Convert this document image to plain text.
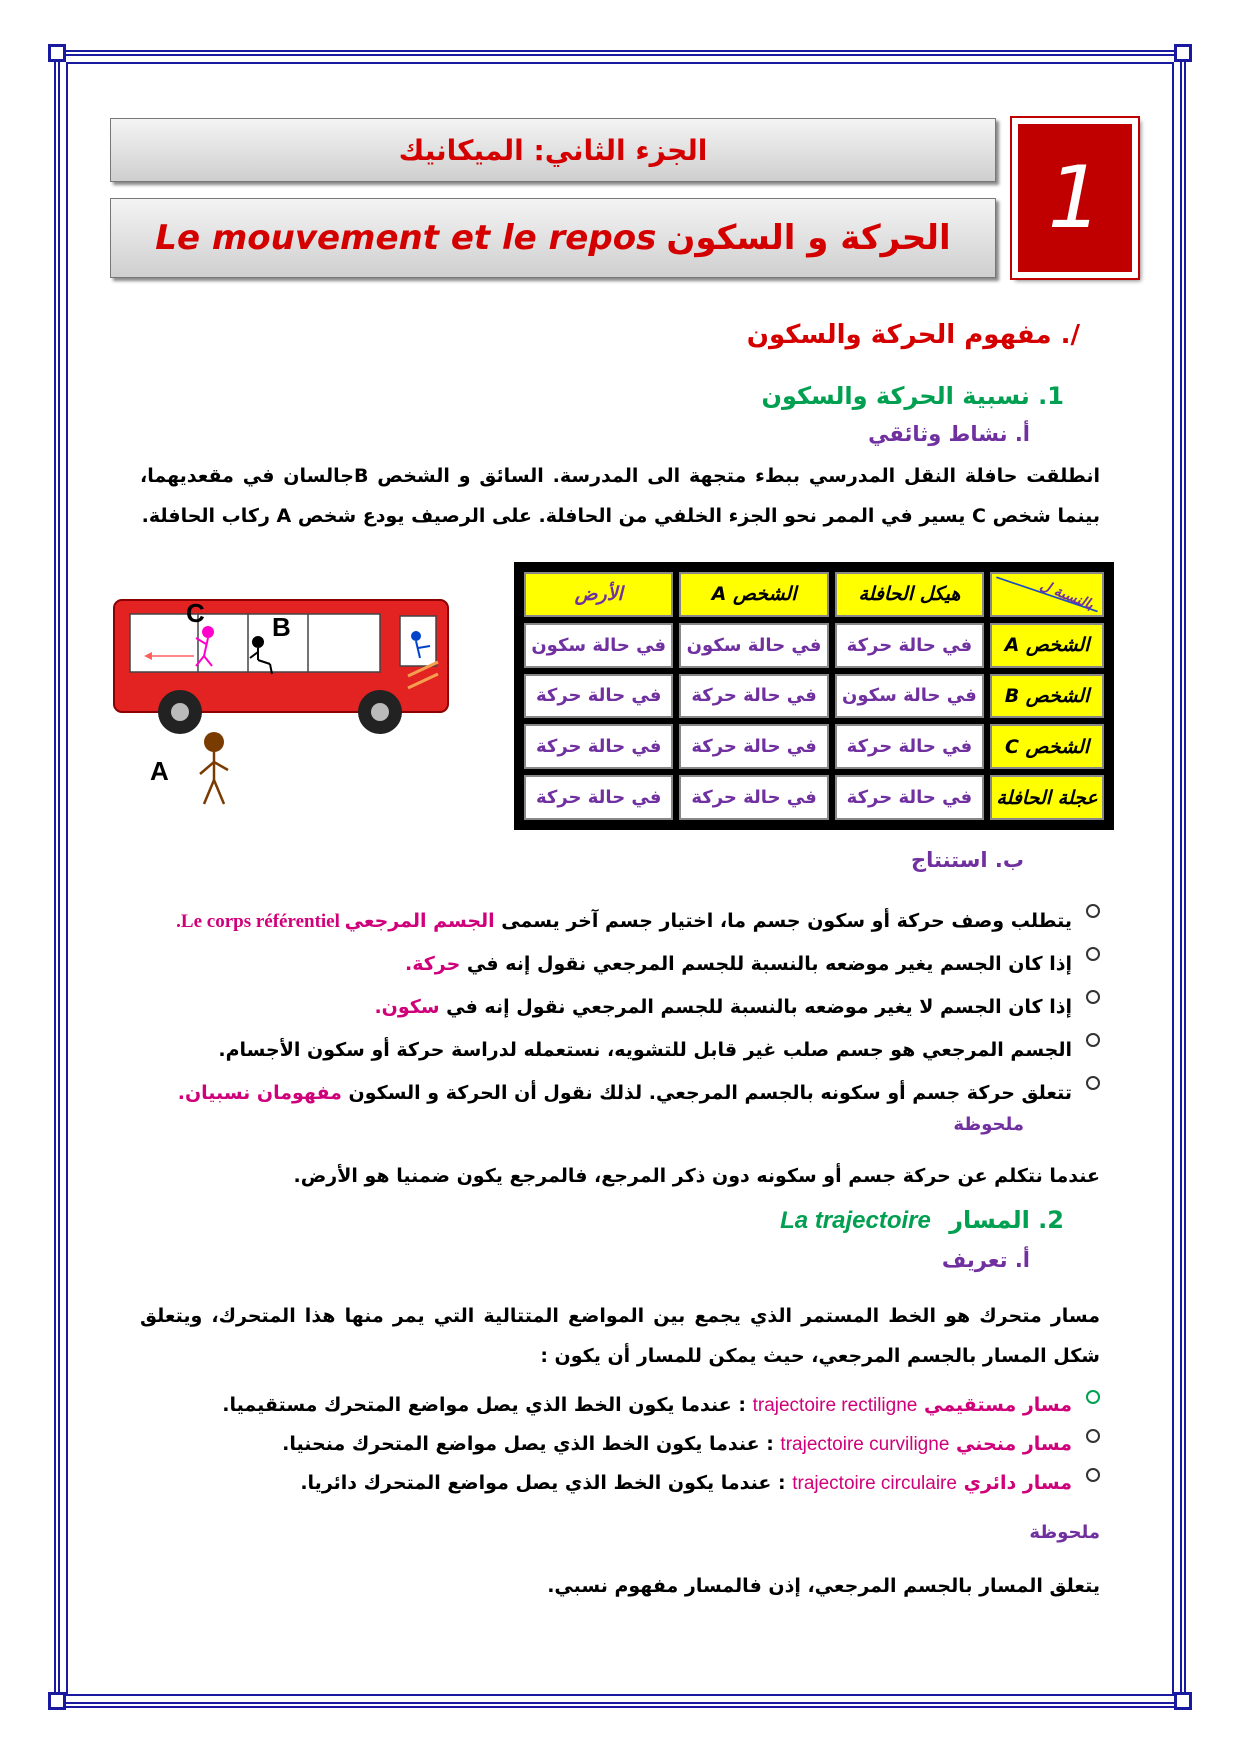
الجزء الثاني: الميكانيك
الحركة و السكون
Le mouvement et le repos	1
/. مفهوم الحركة والسكون
1. نسبية الحركة والسكون
أ. نشاط وثائقي
انطلقت حافلة النقل المدرسي ببطء متجهة الى المدرسة. السائق و الشخص Bجالسان في مقعديهما، بينما شخص C يسير في الممر نحو الجزء الخلفي من الحافلة. على الرصيف يودع شخص A ركاب الحافلة.
C	B
A
بالنسبة ل	هيكل الحافلة	الشخص A	الأرض
الشخص A	في حالة حركة	في حالة سكون	في حالة سكون
الشخص B	في حالة سكون	في حالة حركة	في حالة حركة
الشخص C	في حالة حركة	في حالة حركة	في حالة حركة
عجلة الحافلة	في حالة حركة	في حالة حركة	في حالة حركة
ب. استنتاج
يتطلب وصف حركة أو سكون جسم ما، اختيار جسم آخر يسمى الجسم المرجعي Le corps référentiel.
إذا كان الجسم يغير موضعه بالنسبة للجسم المرجعي نقول إنه في حركة.
إذا كان الجسم لا يغير موضعه بالنسبة للجسم المرجعي نقول إنه في سكون.
الجسم المرجعي هو جسم صلب غير قابل للتشويه، نستعمله لدراسة حركة أو سكون الأجسام.
تتعلق حركة جسم أو سكونه بالجسم المرجعي. لذلك نقول أن الحركة و السكون مفهومان نسبيان.
ملحوظة
عندما نتكلم عن حركة جسم أو سكونه دون ذكر المرجع، فالمرجع يكون ضمنيا هو الأرض.
2. المسار La trajectoire
أ. تعريف
مسار متحرك هو الخط المستمر الذي يجمع بين المواضع المتتالية التي يمر منها هذا المتحرك، ويتعلق شكل المسار بالجسم المرجعي، حيث يمكن للمسار أن يكون :
مسار مستقيمي trajectoire rectiligne : عندما يكون الخط الذي يصل مواضع المتحرك مستقيميا.
مسار منحني trajectoire curviligne : عندما يكون الخط الذي يصل مواضع المتحرك منحنيا.
مسار دائري trajectoire circulaire : عندما يكون الخط الذي يصل مواضع المتحرك دائريا.
ملحوظة
يتعلق المسار بالجسم المرجعي، إذن فالمسار مفهوم نسبي.
